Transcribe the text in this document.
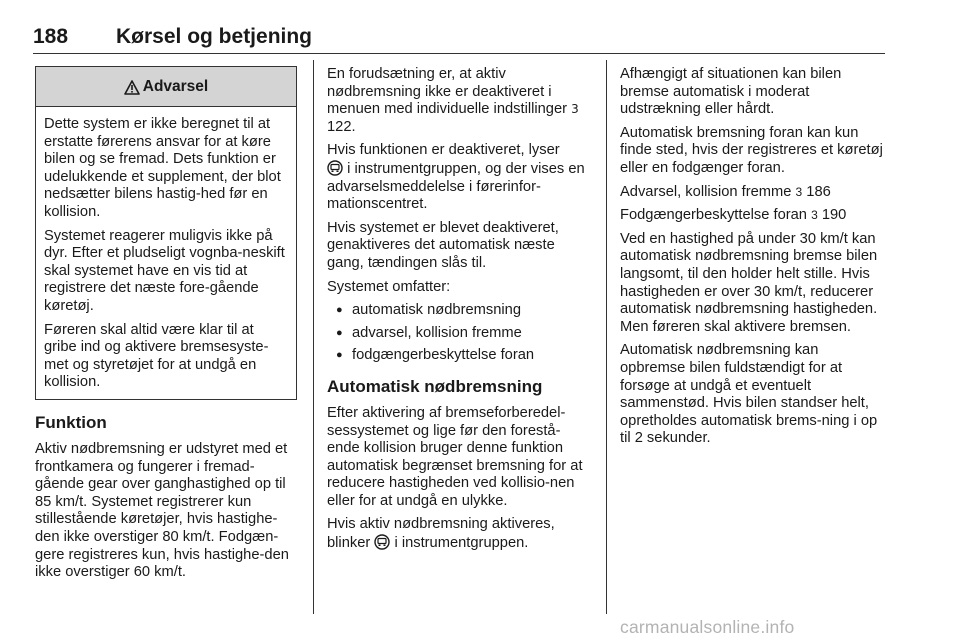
188 Kørsel og betjening
Advarsel

Dette system er ikke beregnet til at erstatte førerens ansvar for at køre bilen og se fremad. Dets funktion er udelukkende et supplement, der blot nedsætter bilens hastig-hed før en kollision.

Systemet reagerer muligvis ikke på dyr. Efter et pludseligt vognba-neskift skal systemet have en vis tid at registrere det næste fore-gående køretøj.

Føreren skal altid være klar til at gribe ind og aktivere bremsesyste-met og styretøjet for at undgå en kollision.

Funktion

Aktiv nødbremsning er udstyret med et frontkamera og fungerer i fremad-gående gear over ganghastighed op til 85 km/t. Systemet registrerer kun stillestående køretøjer, hvis hastighe-den ikke overstiger 80 km/t. Fodgæn-gere registreres kun, hvis hastighe-den ikke overstiger 60 km/t.

En forudsætning er, at aktiv nødbremsning ikke er deaktiveret i menuen med individuelle indstillinger 3 122.

Hvis funktionen er deaktiveret, lyser
i instrumentgruppen, og der vises en advarselsmeddelelse i førerinfor-mationscentret.

Hvis systemet er blevet deaktiveret, genaktiveres det automatisk næste gang, tændingen slås til.

Systemet omfatter:

● automatisk nødbremsning
● advarsel, kollision fremme
● fodgængerbeskyttelse foran
Automatisk nødbremsning

Efter aktivering af bremseforberedel-sessystemet og lige før den forestå-ende kollision bruger denne funktion automatisk begrænset bremsning for at reducere hastigheden ved kollisio-nen eller for at undgå en ulykke.

Hvis aktiv nødbremsning aktiveres, blinker i instrumentgruppen.

Afhængigt af situationen kan bilen bremse automatisk i moderat udstrækning eller hårdt.

Automatisk bremsning foran kan kun finde sted, hvis der registreres et køretøj eller en fodgænger foran.

Advarsel, kollision fremme 3 186

Fodgængerbeskyttelse foran 3 190

Ved en hastighed på under 30 km/t kan automatisk nødbremsning bremse bilen langsomt, til den holder helt stille. Hvis hastigheden er over 30 km/t, reducerer automatisk nødbremsning hastigheden. Men føreren skal aktivere bremsen.

Automatisk nødbremsning kan opbremse bilen fuldstændigt for at forsøge at undgå et eventuelt sammenstød. Hvis bilen standser helt, opretholdes automatisk brems-ning i op til 2 sekunder.

carmanualsonline.info
